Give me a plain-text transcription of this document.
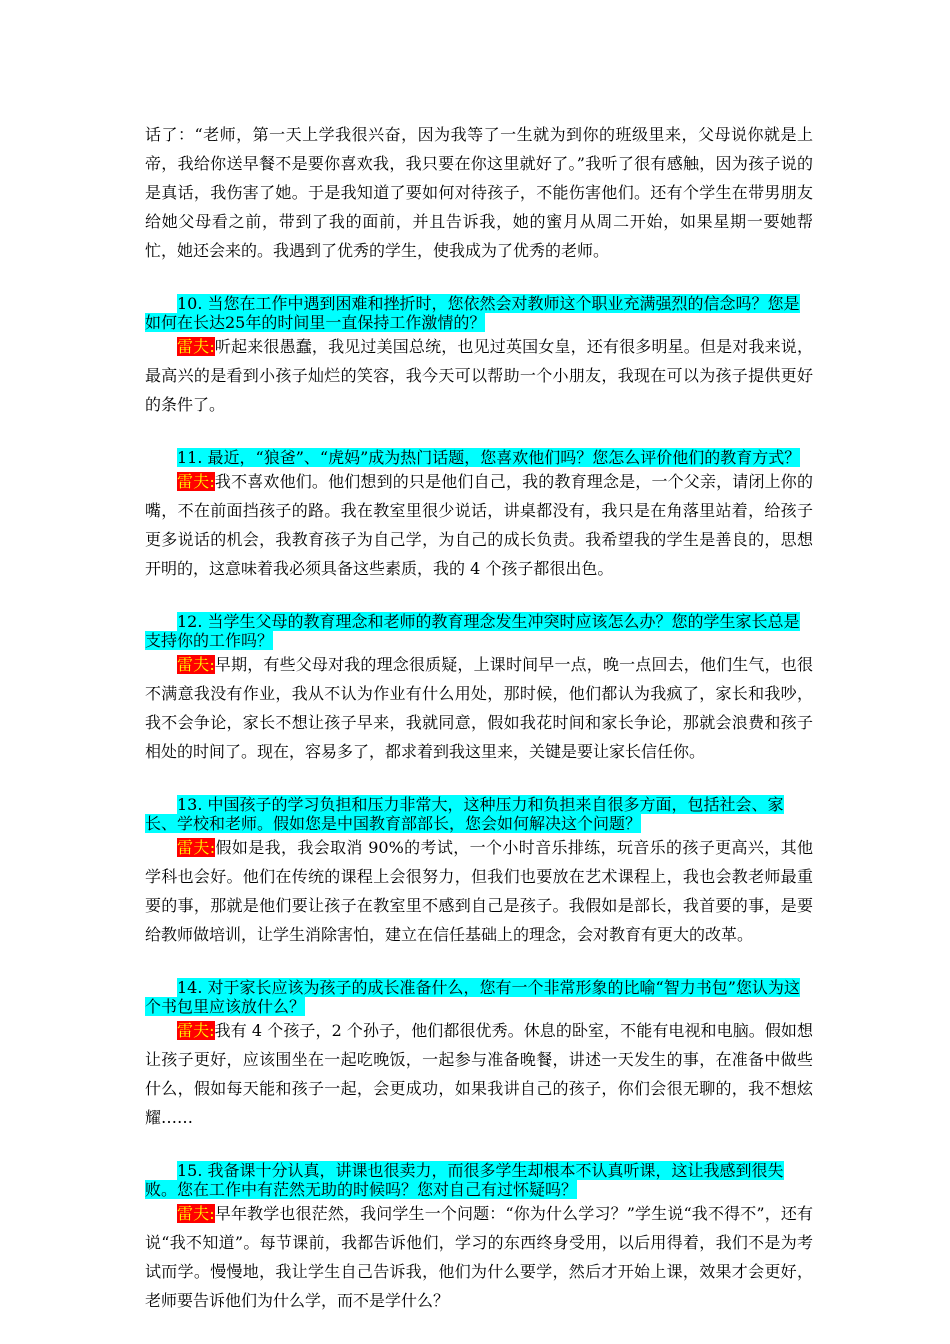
话了：“老师，第一天上学我很兴奋，因为我等了一生就为到你的班级里来，父母说你就是上帝，我给你送早餐不是要你喜欢我，我只要在你这里就好了。”我听了很有感触，因为孩子说的是真话，我伤害了她。于是我知道了要如何对待孩子，不能伤害他们。还有个学生在带男朋友给她父母看之前，带到了我的面前，并且告诉我，她的蜜月从周二开始，如果星期一要她帮忙，她还会来的。我遇到了优秀的学生，使我成为了优秀的老师。

10. 当您在工作中遇到困难和挫折时，您依然会对教师这个职业充满强烈的信念吗？您是如何在长达25年的时间里一直保持工作激情的？

雷夫:听起来很愚蠢，我见过美国总统，也见过英国女皇，还有很多明星。但是对我来说，最高兴的是看到小孩子灿烂的笑容，我今天可以帮助一个小朋友，我现在可以为孩子提供更好的条件了。

11. 最近，“狼爸”、“虎妈”成为热门话题，您喜欢他们吗？您怎么评价他们的教育方式？

雷夫:我不喜欢他们。他们想到的只是他们自己，我的教育理念是，一个父亲，请闭上你的嘴，不在前面挡孩子的路。我在教室里很少说话，讲桌都没有，我只是在角落里站着，给孩子更多说话的机会，我教育孩子为自己学，为自己的成长负责。我希望我的学生是善良的，思想开明的，这意味着我必须具备这些素质，我的 4 个孩子都很出色。

12. 当学生父母的教育理念和老师的教育理念发生冲突时应该怎么办？您的学生家长总是支持你的工作吗？

雷夫:早期，有些父母对我的理念很质疑，上课时间早一点，晚一点回去，他们生气，也很不满意我没有作业，我从不认为作业有什么用处，那时候，他们都认为我疯了，家长和我吵，我不会争论，家长不想让孩子早来，我就同意，假如我花时间和家长争论，那就会浪费和孩子相处的时间了。现在，容易多了，都求着到我这里来，关键是要让家长信任你。

13. 中国孩子的学习负担和压力非常大，这种压力和负担来自很多方面，包括社会、家长、学校和老师。假如您是中国教育部部长，您会如何解决这个问题？

雷夫:假如是我，我会取消 90%的考试，一个小时音乐排练，玩音乐的孩子更高兴，其他学科也会好。他们在传统的课程上会很努力，但我们也要放在艺术课程上，我也会教老师最重要的事，那就是他们要让孩子在教室里不感到自己是孩子。我假如是部长，我首要的事，是要给教师做培训，让学生消除害怕，建立在信任基础上的理念，会对教育有更大的改革。

14. 对于家长应该为孩子的成长准备什么，您有一个非常形象的比喻“智力书包”您认为这个书包里应该放什么？

雷夫:我有 4 个孩子，2 个孙子，他们都很优秀。休息的卧室，不能有电视和电脑。假如想让孩子更好，应该围坐在一起吃晚饭，一起参与准备晚餐，讲述一天发生的事，在准备中做些什么，假如每天能和孩子一起，会更成功，如果我讲自己的孩子，你们会很无聊的，我不想炫耀……

15. 我备课十分认真，讲课也很卖力，而很多学生却根本不认真听课，这让我感到很失败。您在工作中有茫然无助的时候吗？您对自己有过怀疑吗？

雷夫:早年教学也很茫然，我问学生一个问题：“你为什么学习？”学生说“我不得不”，还有说“我不知道”。每节课前，我都告诉他们，学习的东西终身受用，以后用得着，我们不是为考试而学。慢慢地，我让学生自己告诉我，他们为什么要学，然后才开始上课，效果才会更好，老师要告诉他们为什么学，而不是学什么？
